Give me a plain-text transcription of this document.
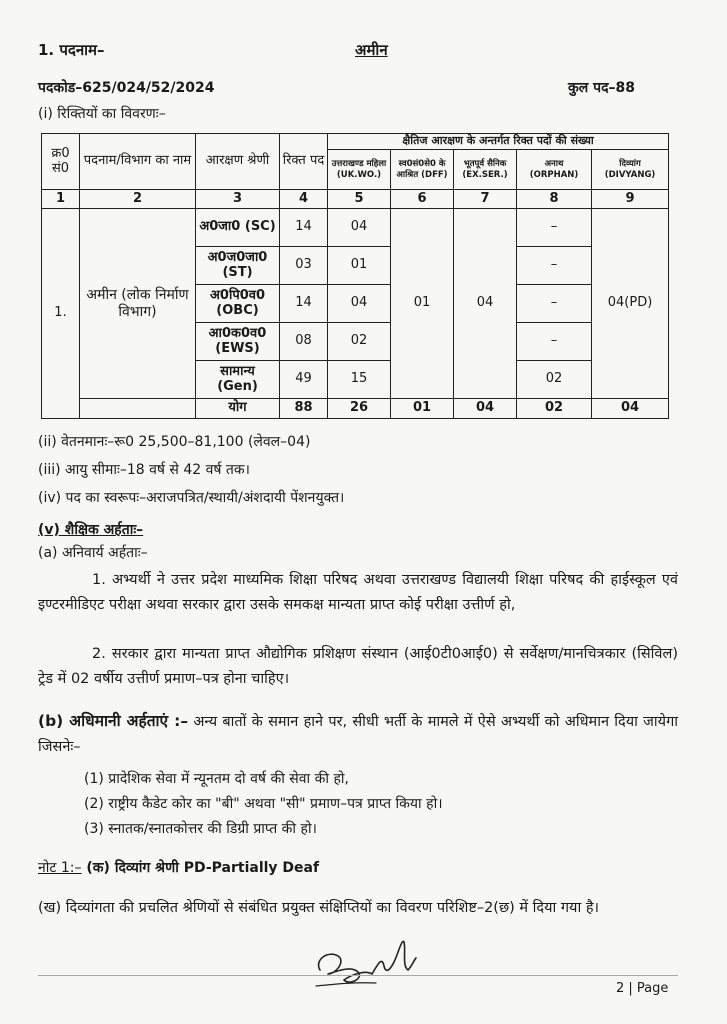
1. पदनाम–	अमीन
पदकोड–625/024/52/2024	कुल पद–88
(i) रिक्तियों का विवरणः–
क्र0 सं0	पदनाम/विभाग का नाम	आरक्षण श्रेणी	रिक्त पद	क्षैतिज आरक्षण के अन्तर्गत रिक्त पदों की संख्या				
				उत्तराखण्ड महिला (UK.WO.)	स्व0सं0से0 के आश्रित (DFF)	भूतपूर्व सैनिक (EX.SER.)	अनाथ (ORPHAN)	दिव्यांग (DIVYANG)
1	2	3	4	5	6	7	8	9
1.	अमीन (लोक निर्माण विभाग)	अ0जा0 (SC)	14	04	01	04	–	04(PD)
		अ0ज0जा0 (ST)	03	01			–	
		अ0पि0व0 (OBC)	14	04			–	
		आ0क0व0 (EWS)	08	02			–	
		सामान्य (Gen)	49	15			02	
		योग	88	26	01	04	02	04
(ii) वेतनमानः–रू0 25,500–81,100 (लेवल–04)
(iii) आयु सीमाः–18 वर्ष से 42 वर्ष तक।
(iv) पद का स्वरूपः–अराजपत्रित/स्थायी/अंशदायी पेंशनयुक्त।
(v) शैक्षिक अर्हताः–
(a) अनिवार्य अर्हताः–
1. अभ्यर्थी ने उत्तर प्रदेश माध्यमिक शिक्षा परिषद अथवा उत्तराखण्ड विद्यालयी शिक्षा परिषद की हाईस्कूल एवं इण्टरमीडिएट परीक्षा अथवा सरकार द्वारा उसके समकक्ष मान्यता प्राप्त कोई परीक्षा उत्तीर्ण हो,
2. सरकार द्वारा मान्यता प्राप्त औद्योगिक प्रशिक्षण संस्थान (आई0टी0आई0) से सर्वेक्षण/मानचित्रकार (सिविल) ट्रेड में 02 वर्षीय उत्तीर्ण प्रमाण–पत्र होना चाहिए।
(b) अधिमानी अर्हताएं :– अन्य बातों के समान हाने पर, सीधी भर्ती के मामले में ऐसे अभ्यर्थी को अधिमान दिया जायेगा जिसनेः–
(1) प्रादेशिक सेवा में न्यूनतम दो वर्ष की सेवा की हो,
(2) राष्ट्रीय कैडेट कोर का "बी" अथवा "सी" प्रमाण–पत्र प्राप्त किया हो।
(3) स्नातक/स्नातकोत्तर की डिग्री प्राप्त की हो।
नोट 1:– (क) दिव्यांग श्रेणी PD-Partially Deaf
(ख) दिव्यांगता की प्रचलित श्रेणियों से संबंधित प्रयुक्त संक्षिप्तियों का विवरण परिशिष्ट–2(छ) में दिया गया है।
2 | Page
